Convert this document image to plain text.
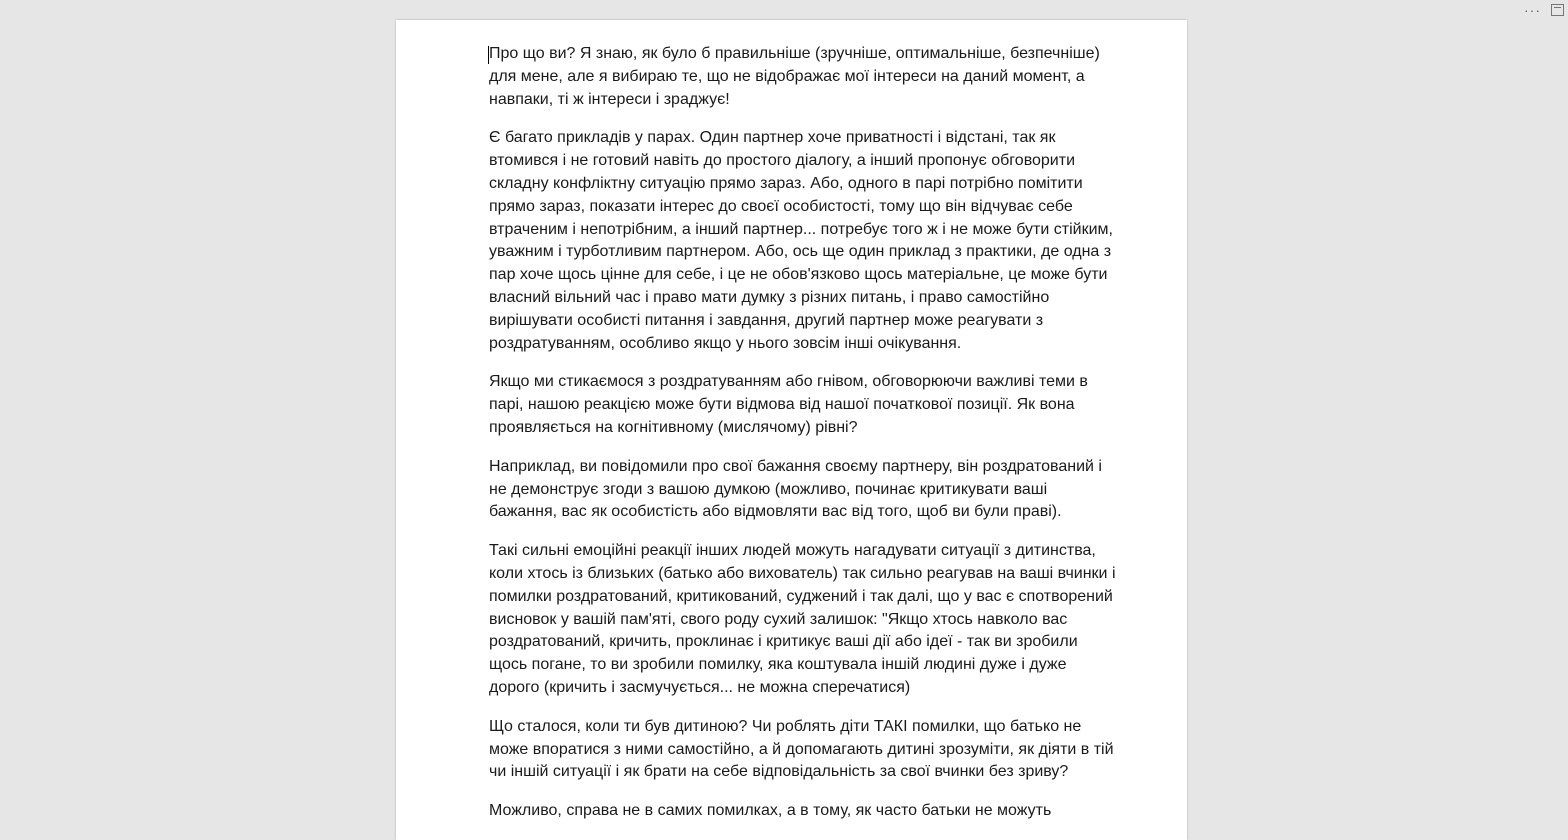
···

Про що ви? Я знаю, як було б правильніше (зручніше, оптимальніше, безпечніше) для мене, але я вибираю те, що не відображає мої інтереси на даний момент, а навпаки, ті ж інтереси і зраджує!

Є багато прикладів у парах. Один партнер хоче приватності і відстані, так як втомився і не готовий навіть до простого діалогу, а інший пропонує обговорити складну конфліктну ситуацію прямо зараз. Або, одного в парі потрібно помітити прямо зараз, показати інтерес до своєї особистості, тому що він відчуває себе втраченим і непотрібним, а інший партнер... потребує того ж і не може бути стійким, уважним і турботливим партнером. Або, ось ще один приклад з практики, де одна з пар хоче щось цінне для себе, і це не обов'язково щось матеріальне, це може бути власний вільний час і право мати думку з різних питань, і право самостійно вирішувати особисті питання і завдання, другий партнер може реагувати з роздратуванням, особливо якщо у нього зовсім інші очікування.

Якщо ми стикаємося з роздратуванням або гнівом, обговорюючи важливі теми в парі, нашою реакцією може бути відмова від нашої початкової позиції. Як вона проявляється на когнітивному (мислячому) рівні?

Наприклад, ви повідомили про свої бажання своєму партнеру, він роздратований і не демонструє згоди з вашою думкою (можливо, починає критикувати ваші бажання, вас як особистість або відмовляти вас від того, щоб ви були праві).

Такі сильні емоційні реакції інших людей можуть нагадувати ситуації з дитинства, коли хтось із близьких (батько або вихователь) так сильно реагував на ваші вчинки і помилки роздратований, критикований, суджений і так далі, що у вас є спотворений висновок у вашій пам'яті, свого роду сухий залишок: "Якщо хтось навколо вас роздратований, кричить, проклинає і критикує ваші дії або ідеї - так ви зробили щось погане, то ви зробили помилку, яка коштувала іншій людині дуже і дуже дорого (кричить і засмучується... не можна сперечатися)

Що сталося, коли ти був дитиною? Чи роблять діти ТАКІ помилки, що батько не може впоратися з ними самостійно, а й допомагають дитині зрозуміти, як діяти в тій чи іншій ситуації і як брати на себе відповідальність за свої вчинки без зриву?

Можливо, справа не в самих помилках, а в тому, як часто батьки не можуть
